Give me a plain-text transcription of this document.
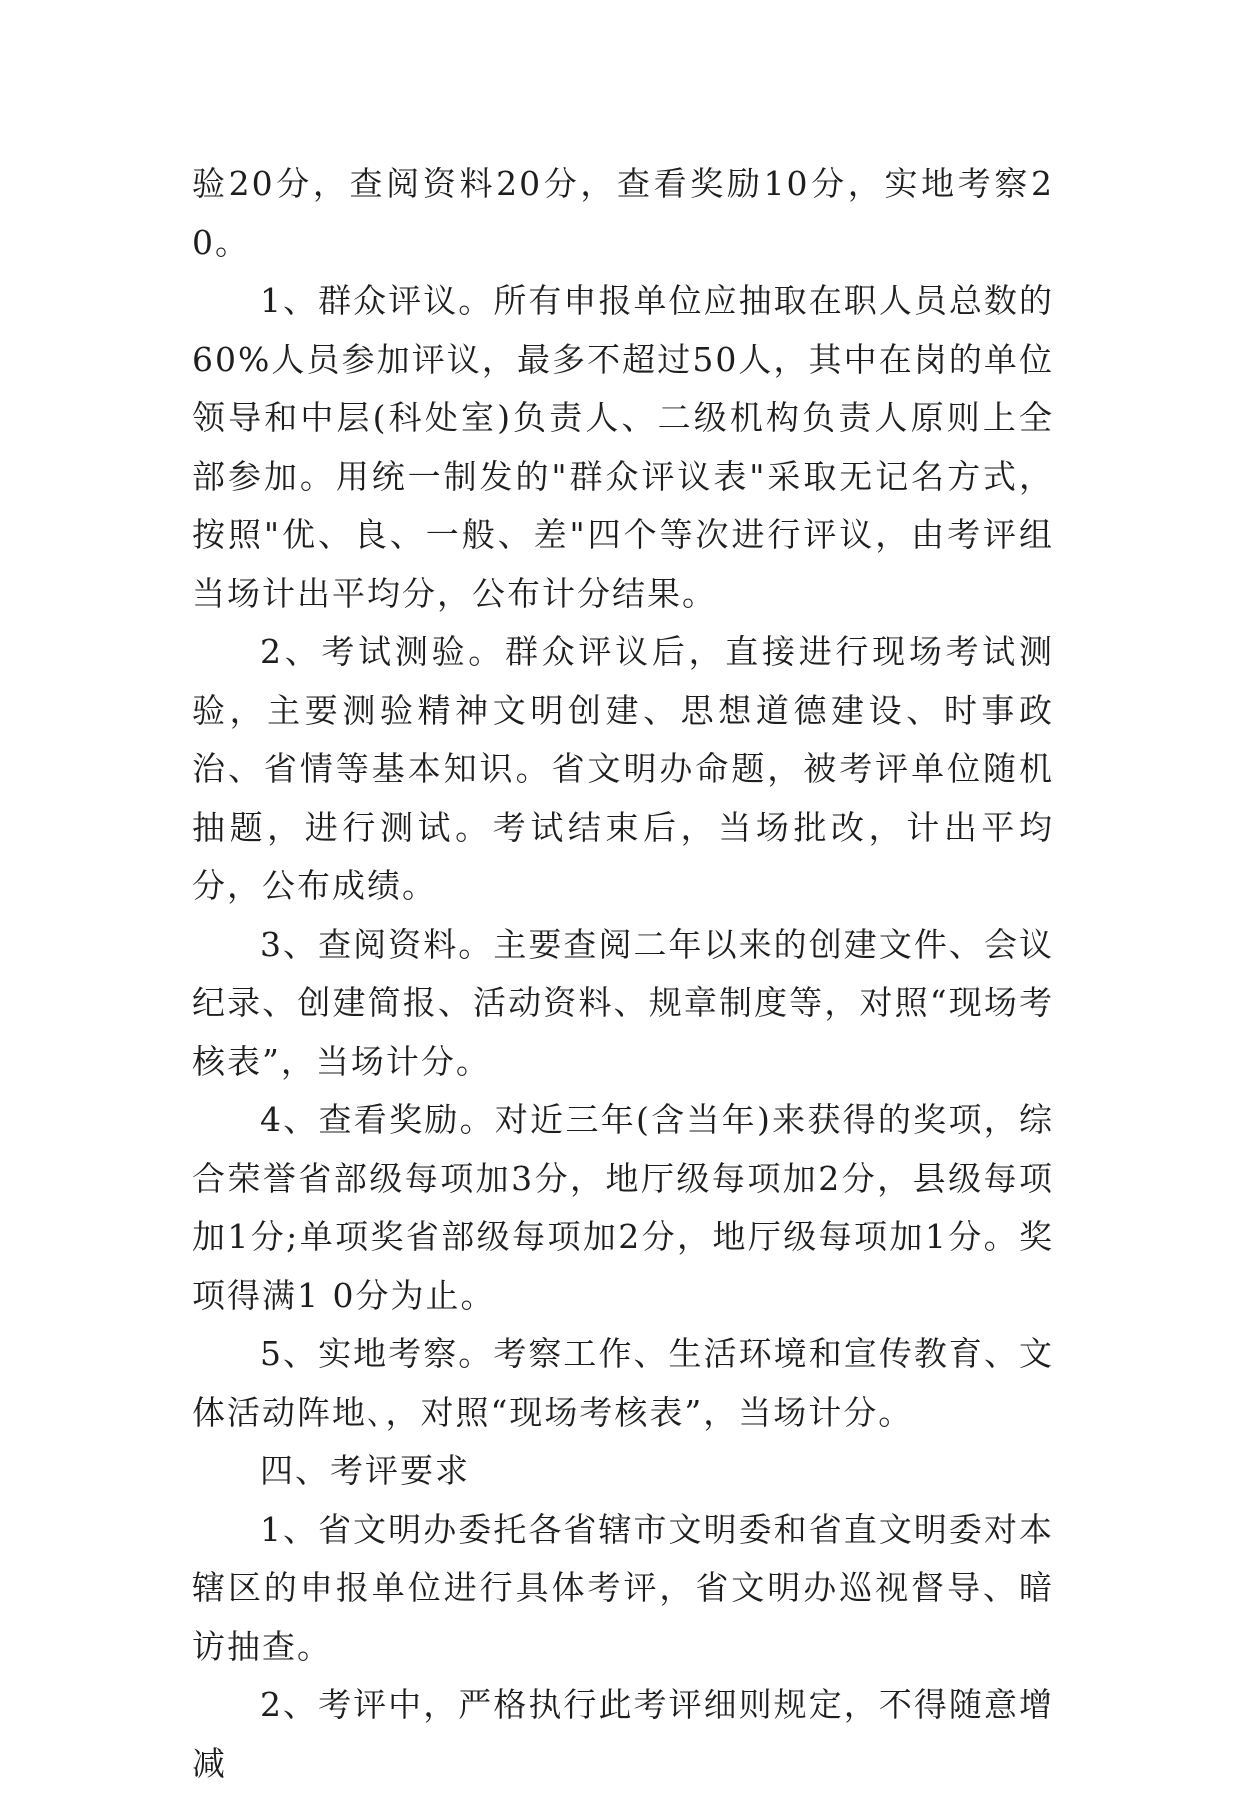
验20分，查阅资料20分，查看奖励10分，实地考察20。

1、群众评议。所有申报单位应抽取在职人员总数的60%人员参加评议，最多不超过50人，其中在岗的单位领导和中层(科处室)负责人、二级机构负责人原则上全部参加。用统一制发的"群众评议表"采取无记名方式，按照"优、良、一般、差"四个等次进行评议，由考评组当场计出平均分，公布计分结果。

2、考试测验。群众评议后，直接进行现场考试测验，主要测验精神文明创建、思想道德建设、时事政治、省情等基本知识。省文明办命题，被考评单位随机抽题，进行测试。考试结束后，当场批改，计出平均分，公布成绩。

3、查阅资料。主要查阅二年以来的创建文件、会议纪录、创建简报、活动资料、规章制度等，对照“现场考核表”，当场计分。

4、查看奖励。对近三年(含当年)来获得的奖项，综合荣誉省部级每项加3分，地厅级每项加2分，县级每项加1分;单项奖省部级每项加2分，地厅级每项加1分。奖项得满1 0分为止。

5、实地考察。考察工作、生活环境和宣传教育、文体活动阵地､，对照“现场考核表”，当场计分。

四、考评要求

1、省文明办委托各省辖市文明委和省直文明委对本辖区的申报单位进行具体考评，省文明办巡视督导、暗访抽查。

2、考评中，严格执行此考评细则规定，不得随意增减
